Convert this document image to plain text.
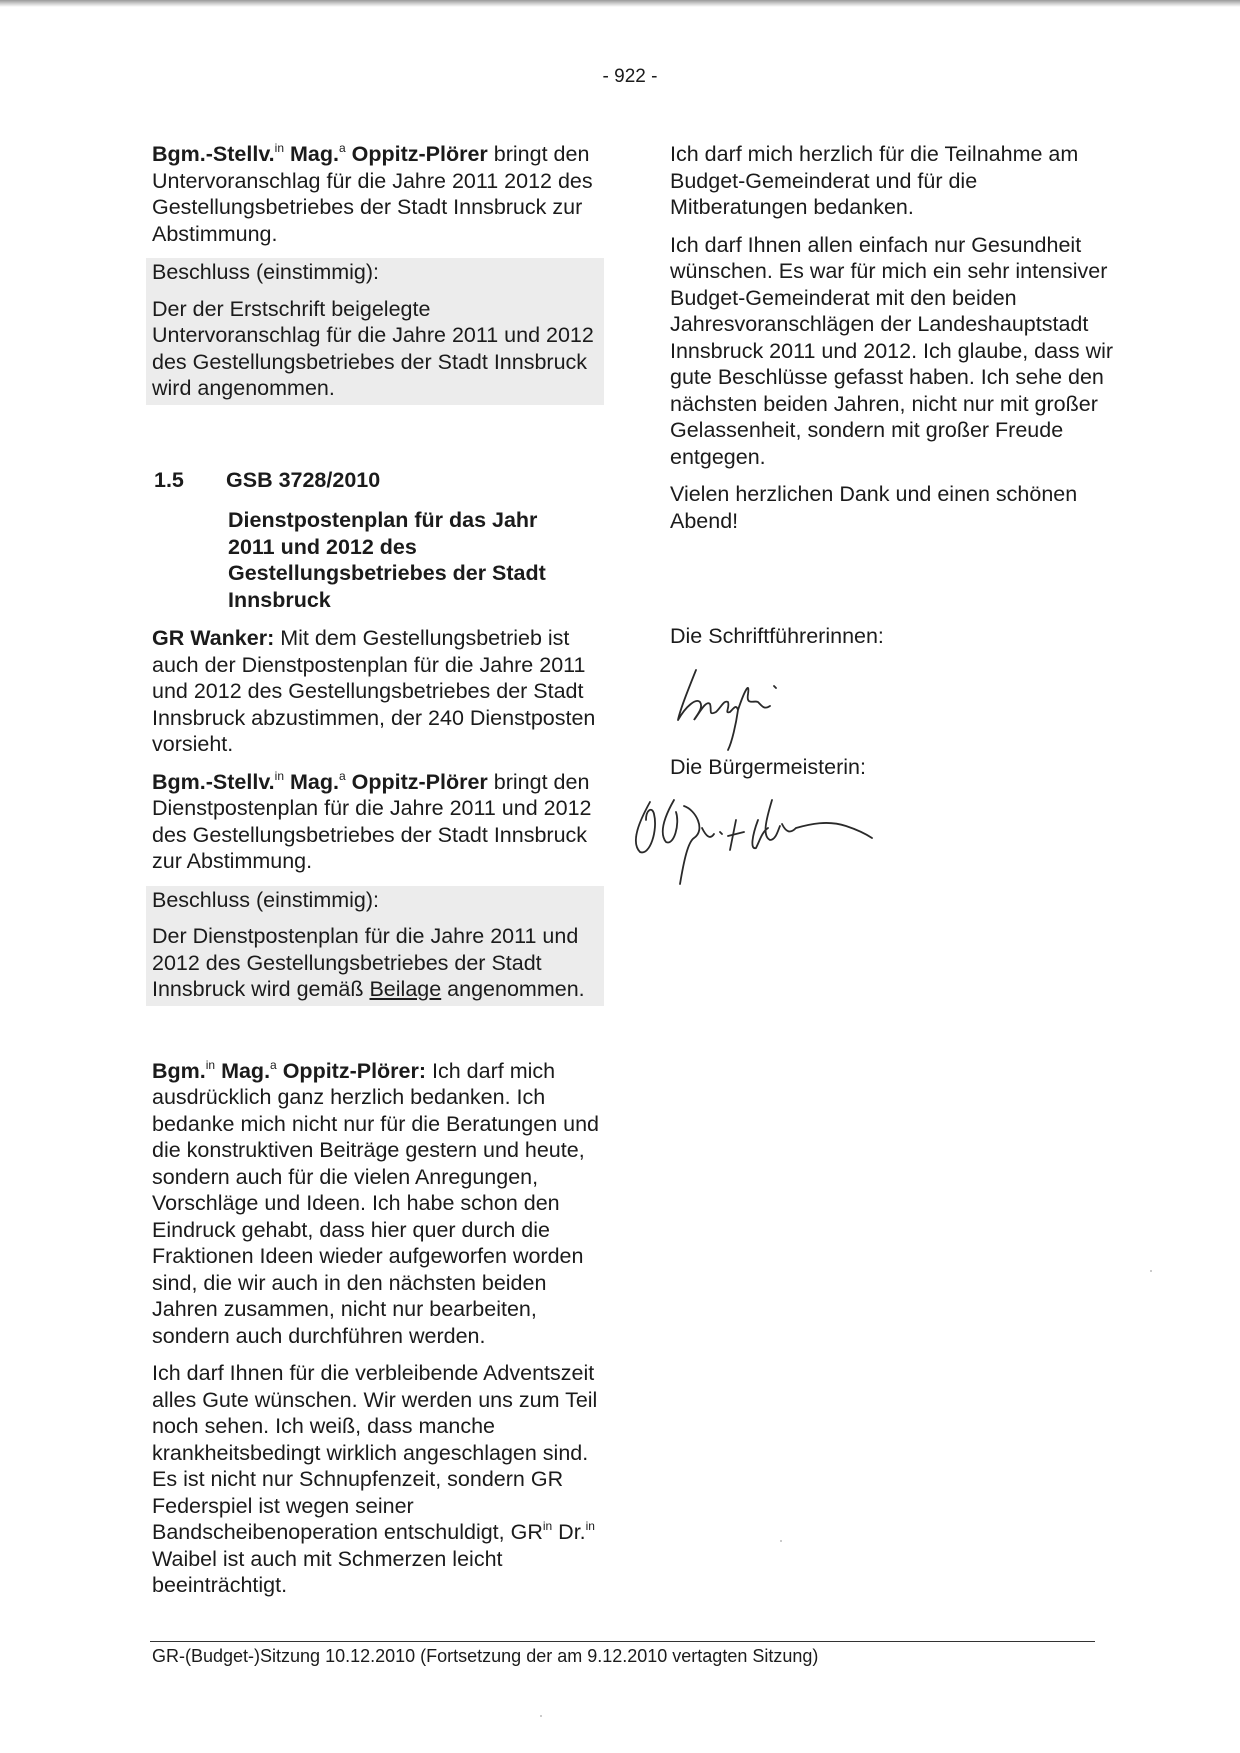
- 922 -

Bgm.-Stellv.$^{in}$ Mag.$^a$ Oppitz-Plörer bringt den Untervoranschlag für die Jahre 2011 2012 des Gestellungsbetriebes der Stadt Innsbruck zur Abstimmung.

Beschluss (einstimmig):

Der der Erstschrift beigelegte Untervoranschlag für die Jahre 2011 und 2012 des Gestellungsbetriebes der Stadt Innsbruck wird angenommen.

1.5	GSB 3728/2010
Dienstpostenplan für das Jahr 2011 und 2012 des Gestellungsbetriebes der Stadt Innsbruck

GR Wanker: Mit dem Gestellungsbetrieb ist auch der Dienstpostenplan für die Jahre 2011 und 2012 des Gestellungsbetriebes der Stadt Innsbruck abzustimmen, der 240 Dienstposten vorsieht.

Bgm.-Stellv.$^{in}$ Mag.$^a$ Oppitz-Plörer bringt den Dienstpostenplan für die Jahre 2011 und 2012 des Gestellungsbetriebes der Stadt Innsbruck zur Abstimmung.

Beschluss (einstimmig):

Der Dienstpostenplan für die Jahre 2011 und 2012 des Gestellungsbetriebes der Stadt Innsbruck wird gemäß Beilage angenommen.

Bgm.$^{in}$ Mag.$^a$ Oppitz-Plörer: Ich darf mich ausdrücklich ganz herzlich bedanken. Ich bedanke mich nicht nur für die Beratungen und die konstruktiven Beiträge gestern und heute, sondern auch für die vielen Anregungen, Vorschläge und Ideen. Ich habe schon den Eindruck gehabt, dass hier quer durch die Fraktionen Ideen wieder aufgeworfen worden sind, die wir auch in den nächsten beiden Jahren zusammen, nicht nur bearbeiten, sondern auch durchführen werden.

Ich darf Ihnen für die verbleibende Adventszeit alles Gute wünschen. Wir werden uns zum Teil noch sehen. Ich weiß, dass manche krankheitsbedingt wirklich angeschlagen sind. Es ist nicht nur Schnupfenzeit, sondern GR Federspiel ist wegen seiner Bandscheibenoperation entschuldigt, $GR^{in}$ Dr.$^{in}$ Waibel ist auch mit Schmerzen leicht beeinträchtigt.

Ich darf mich herzlich für die Teilnahme am Budget-Gemeinderat und für die Mitberatungen bedanken.

Ich darf Ihnen allen einfach nur Gesundheit wünschen. Es war für mich ein sehr intensiver Budget-Gemeinderat mit den beiden Jahresvoranschlägen der Landeshauptstadt Innsbruck 2011 und 2012. Ich glaube, dass wir gute Beschlüsse gefasst haben. Ich sehe den nächsten beiden Jahren, nicht nur mit großer Gelassenheit, sondern mit großer Freude entgegen.

Vielen herzlichen Dank und einen schönen Abend!

Die Schriftführerinnen:

Die Bürgermeisterin:

GR-(Budget-)Sitzung 10.12.2010 (Fortsetzung der am 9.12.2010 vertagten Sitzung)
